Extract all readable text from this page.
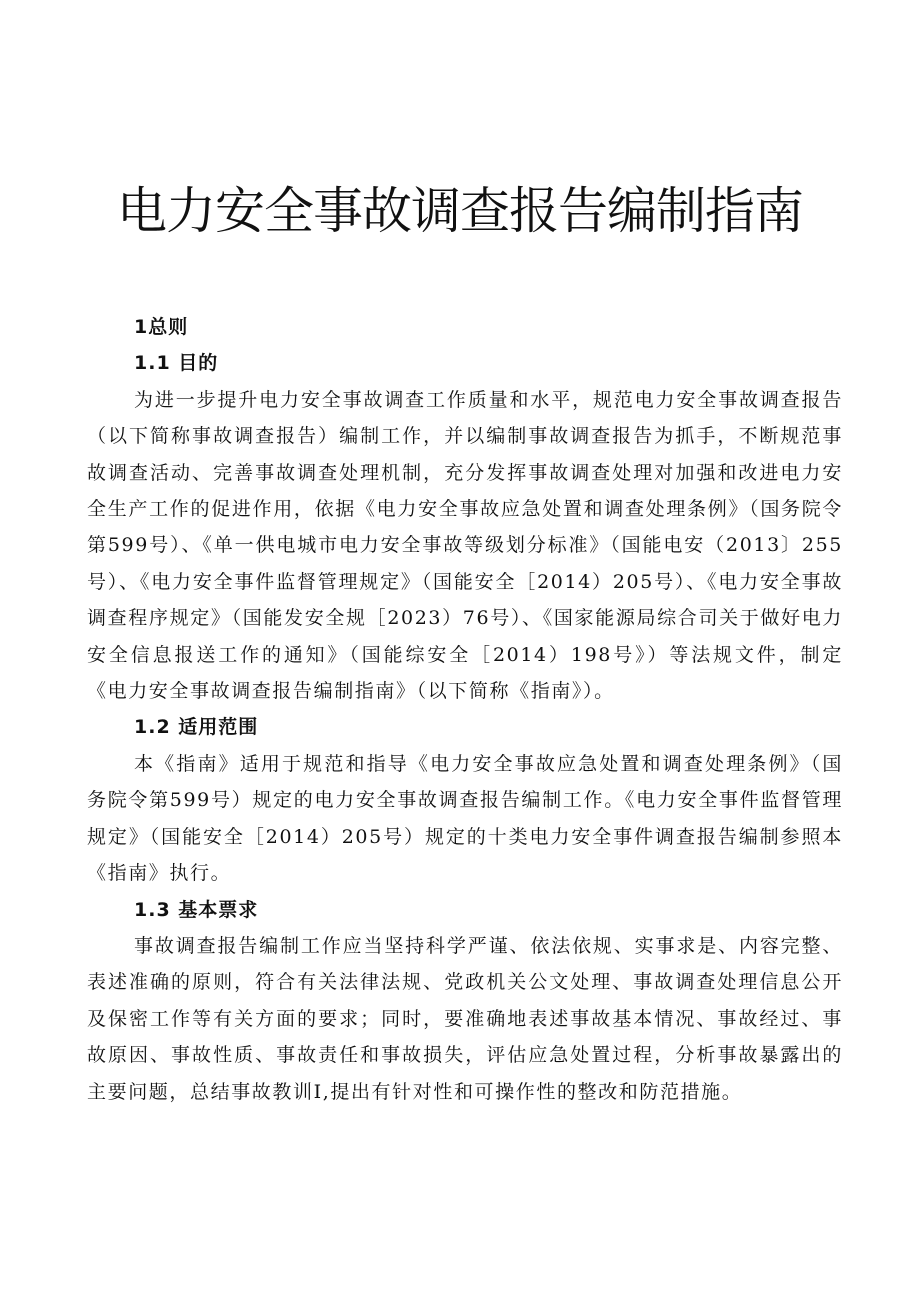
电力安全事故调查报告编制指南

1总则

1.1 目的

为进一步提升电力安全事故调查工作质量和水平，规范电力安全事故调查报告（以下简称事故调查报告）编制工作，并以编制事故调查报告为抓手，不断规范事故调查活动、完善事故调查处理机制，充分发挥事故调查处理对加强和改进电力安全生产工作的促进作用，依据《电力安全事故应急处置和调查处理条例》（国务院令第599号）、《单一供电城市电力安全事故等级划分标准》（国能电安（2013〕255号）、《电力安全事件监督管理规定》（国能安全［2014）205号）、《电力安全事故调查程序规定》（国能发安全规［2023）76号）、《国家能源局综合司关于做好电力安全信息报送工作的通知》（国能综安全［2014）198号》）等法规文件，制定《电力安全事故调查报告编制指南》（以下简称《指南》）。

1.2 适用范围

本《指南》适用于规范和指导《电力安全事故应急处置和调查处理条例》（国务院令第599号）规定的电力安全事故调查报告编制工作。《电力安全事件监督管理规定》（国能安全［2014）205号）规定的十类电力安全事件调查报告编制参照本《指南》执行。

1.3 基本票求

事故调查报告编制工作应当坚持科学严谨、依法依规、实事求是、内容完整、表述准确的原则，符合有关法律法规、党政机关公文处理、事故调查处理信息公开及保密工作等有关方面的要求；同时，要准确地表述事故基本情况、事故经过、事故原因、事故性质、事故责任和事故损失，评估应急处置过程，分析事故暴露出的主要问题，总结事故教训I,提出有针对性和可操作性的整改和防范措施。
